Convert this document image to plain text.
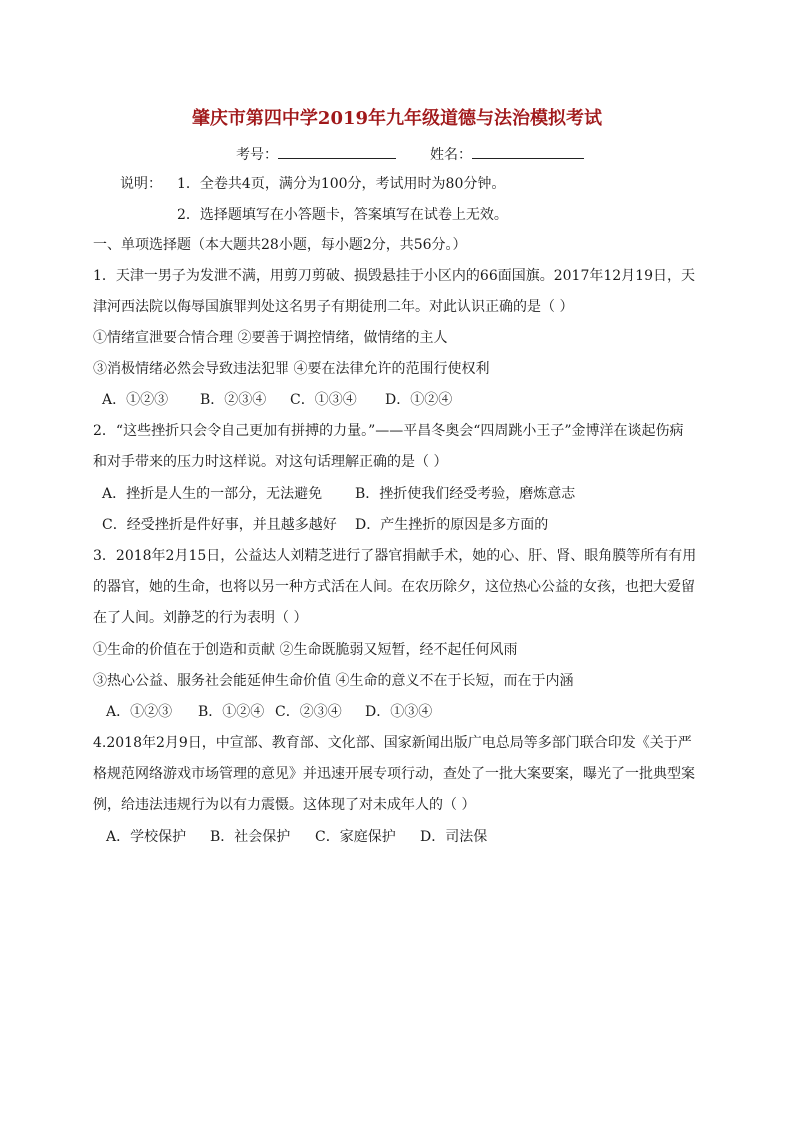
肇庆市第四中学2019年九年级道德与法治模拟考试
考号：	姓名：
说明： 1．全卷共4页，满分为100分，考试用时为80分钟。
2．选择题填写在小答题卡，答案填写在试卷上无效。
一、单项选择题（本大题共28小题，每小题2分，共56分。）
1．天津一男子为发泄不满，用剪刀剪破、损毁悬挂于小区内的66面国旗。2017年12月19日，天
津河西法院以侮辱国旗罪判处这名男子有期徒刑二年。对此认识正确的是（ ）
①情绪宣泄要合情合理 ②要善于调控情绪，做情绪的主人
③消极情绪必然会导致违法犯罪 ④要在法律允许的范围行使权利
A．①②③ B．②③④ C．①③④ D．①②④
2．“这些挫折只会令自己更加有拼搏的力量。”——平昌冬奥会“四周跳小王子”金博洋在谈起伤病
和对手带来的压力时这样说。对这句话理解正确的是（ ）
A．挫折是人生的一部分，无法避免 B．挫折使我们经受考验，磨炼意志
C．经受挫折是件好事，并且越多越好 D．产生挫折的原因是多方面的
3．2018年2月15日，公益达人刘精芝进行了器官捐献手术，她的心、肝、肾、眼角膜等所有有用
的器官，她的生命，也将以另一种方式活在人间。在农历除夕，这位热心公益的女孩，也把大爱留
在了人间。刘静芝的行为表明（ ）
①生命的价值在于创造和贡献 ②生命既脆弱又短暂，经不起任何风雨
③热心公益、服务社会能延伸生命价值 ④生命的意义不在于长短，而在于内涵
A．①②③ B．①②④ C．②③④ D．①③④
4.2018年2月9日，中宣部、教育部、文化部、国家新闻出版广电总局等多部门联合印发《关于严
格规范网络游戏市场管理的意见》并迅速开展专项行动，查处了一批大案要案，曝光了一批典型案
例，给违法违规行为以有力震慑。这体现了对未成年人的（ ）
A．学校保护 B．社会保护 C．家庭保护 D．司法保
